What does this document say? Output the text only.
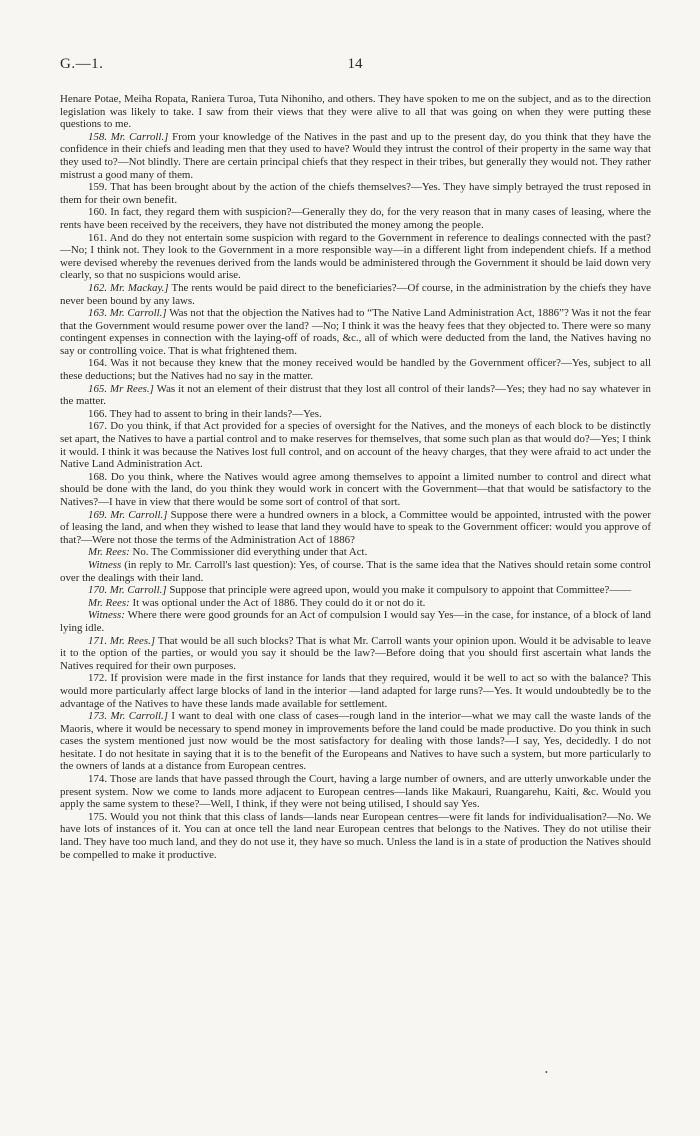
G.—1.	14

Henare Potae, Meiha Ropata, Raniera Turoa, Tuta Nihoniho, and others. They have spoken to me on the subject, and as to the direction legislation was likely to take. I saw from their views that they were alive to all that was going on when they were putting these questions to me.

158. Mr. Carroll.] From your knowledge of the Natives in the past and up to the present day, do you think that they have the confidence in their chiefs and leading men that they used to have? Would they intrust the control of their property in the same way that they used to?—Not blindly. There are certain principal chiefs that they respect in their tribes, but generally they would not. They rather mistrust a good many of them.

159. That has been brought about by the action of the chiefs themselves?—Yes. They have simply betrayed the trust reposed in them for their own benefit.

160. In fact, they regard them with suspicion?—Generally they do, for the very reason that in many cases of leasing, where the rents have been received by the receivers, they have not distributed the money among the people.

161. And do they not entertain some suspicion with regard to the Government in reference to dealings connected with the past?—No; I think not. They look to the Government in a more responsible way—in a different light from independent chiefs. If a method were devised whereby the revenues derived from the lands would be administered through the Government it should be laid down very clearly, so that no suspicions would arise.

162. Mr. Mackay.] The rents would be paid direct to the beneficiaries?—Of course, in the administration by the chiefs they have never been bound by any laws.

163. Mr. Carroll.] Was not that the objection the Natives had to “The Native Land Administration Act, 1886”? Was it not the fear that the Government would resume power over the land? —No; I think it was the heavy fees that they objected to. There were so many contingent expenses in connection with the laying-off of roads, &c., all of which were deducted from the land, the Natives having no say or controlling voice. That is what frightened them.

164. Was it not because they knew that the money received would be handled by the Government officer?—Yes, subject to all these deductions; but the Natives had no say in the matter.

165. Mr Rees.] Was it not an element of their distrust that they lost all control of their lands?—Yes; they had no say whatever in the matter.

166. They had to assent to bring in their lands?—Yes.

167. Do you think, if that Act provided for a species of oversight for the Natives, and the moneys of each block to be distinctly set apart, the Natives to have a partial control and to make reserves for themselves, that some such plan as that would do?—Yes; I think it would. I think it was because the Natives lost full control, and on account of the heavy charges, that they were afraid to act under the Native Land Administration Act.

168. Do you think, where the Natives would agree among themselves to appoint a limited number to control and direct what should be done with the land, do you think they would work in concert with the Government—that that would be satisfactory to the Natives?—I have in view that there would be some sort of control of that sort.

169. Mr. Carroll.] Suppose there were a hundred owners in a block, a Committee would be appointed, intrusted with the power of leasing the land, and when they wished to lease that land they would have to speak to the Government officer: would you approve of that?—Were not those the terms of the Administration Act of 1886?

Mr. Rees: No. The Commissioner did everything under that Act.

Witness (in reply to Mr. Carroll's last question): Yes, of course. That is the same idea that the Natives should retain some control over the dealings with their land.

170. Mr. Carroll.] Suppose that principle were agreed upon, would you make it compulsory to appoint that Committee?——

Mr. Rees: It was optional under the Act of 1886. They could do it or not do it.

Witness: Where there were good grounds for an Act of compulsion I would say Yes—in the case, for instance, of a block of land lying idle.

171. Mr. Rees.] That would be all such blocks? That is what Mr. Carroll wants your opinion upon. Would it be advisable to leave it to the option of the parties, or would you say it should be the law?—Before doing that you should first ascertain what lands the Natives required for their own purposes.

172. If provision were made in the first instance for lands that they required, would it be well to act so with the balance? This would more particularly affect large blocks of land in the interior —land adapted for large runs?—Yes. It would undoubtedly be to the advantage of the Natives to have these lands made available for settlement.

173. Mr. Carroll.] I want to deal with one class of cases—rough land in the interior—what we may call the waste lands of the Maoris, where it would be necessary to spend money in improvements before the land could be made productive. Do you think in such cases the system mentioned just now would be the most satisfactory for dealing with those lands?—I say, Yes, decidedly. I do not hesitate. I do not hesitate in saying that it is to the benefit of the Europeans and Natives to have such a system, but more particularly to the owners of lands at a distance from European centres.

174. Those are lands that have passed through the Court, having a large number of owners, and are utterly unworkable under the present system. Now we come to lands more adjacent to European centres—lands like Makauri, Ruangarehu, Kaiti, &c. Would you apply the same system to these?—Well, I think, if they were not being utilised, I should say Yes.

175. Would you not think that this class of lands—lands near European centres—were fit lands for individualisation?—No. We have lots of instances of it. You can at once tell the land near European centres that belongs to the Natives. They do not utilise their land. They have too much land, and they do not use it, they have so much. Unless the land is in a state of production the Natives should be compelled to make it productive.

•
